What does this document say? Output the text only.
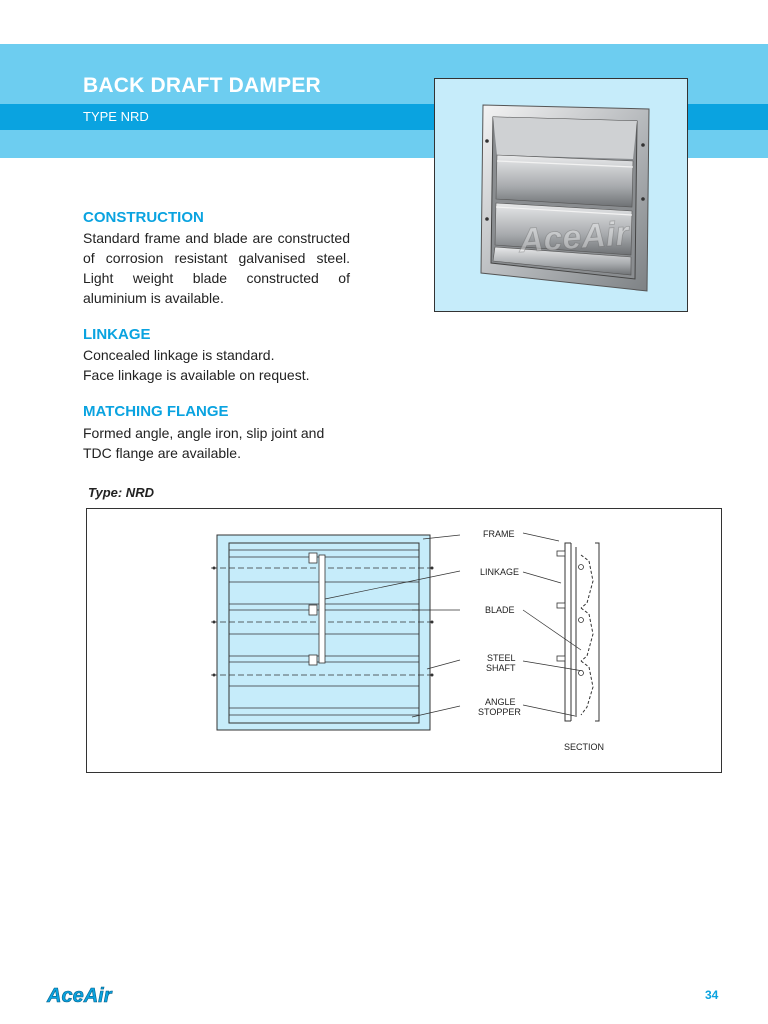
BACK DRAFT DAMPER
TYPE NRD
AceAir
CONSTRUCTION

Standard frame and blade are constructed of corrosion resistant galvanised steel. Light weight blade constructed of aluminium is available.

LINKAGE

Concealed linkage is standard.
Face linkage is available on request.

MATCHING FLANGE

Formed angle, angle iron, slip joint and TDC flange are available.

Type: NRD
FRAME
LINKAGE
BLADE
STEEL
SHAFT
ANGLE
STOPPER
SECTION
AceAir	34
